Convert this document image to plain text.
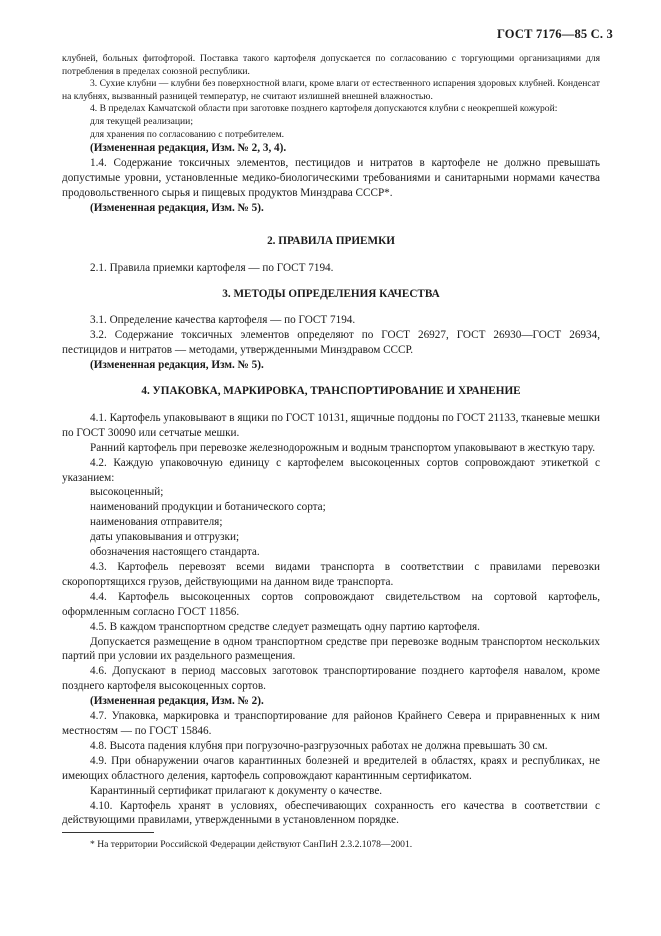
ГОСТ 7176—85 С. 3

клубней, больных фитофторой. Поставка такого картофеля допускается по согласованию с торгующими организациями для потребления в пределах союзной республики.

3. Сухие клубни — клубни без поверхностной влаги, кроме влаги от естественного испарения здоровых клубней. Конденсат на клубнях, вызванный разницей температур, не считают излишней внешней влажностью.

4. В пределах Камчатской области при заготовке позднего картофеля допускаются клубни с неокрепшей кожурой:

для текущей реализации;
для хранения по согласованию с потребителем.

(Измененная редакция, Изм. № 2, 3, 4).

1.4. Содержание токсичных элементов, пестицидов и нитратов в картофеле не должно превышать допустимые уровни, установленные медико-биологическими требованиями и санитарными нормами качества продовольственного сырья и пищевых продуктов Минздрава СССР*.

(Измененная редакция, Изм. № 5).

2. ПРАВИЛА ПРИЕМКИ

2.1. Правила приемки картофеля — по ГОСТ 7194.

3. МЕТОДЫ ОПРЕДЕЛЕНИЯ КАЧЕСТВА

3.1. Определение качества картофеля — по ГОСТ 7194.

3.2. Содержание токсичных элементов определяют по ГОСТ 26927, ГОСТ 26930—ГОСТ 26934, пестицидов и нитратов — методами, утвержденными Минздравом СССР.

(Измененная редакция, Изм. № 5).

4. УПАКОВКА, МАРКИРОВКА, ТРАНСПОРТИРОВАНИЕ И ХРАНЕНИЕ

4.1. Картофель упаковывают в ящики по ГОСТ 10131, ящичные поддоны по ГОСТ 21133, тканевые мешки по ГОСТ 30090 или сетчатые мешки.

Ранний картофель при перевозке железнодорожным и водным транспортом упаковывают в жесткую тару.

4.2. Каждую упаковочную единицу с картофелем высокоценных сортов сопровождают этикеткой с указанием:

высокоценный;
наименований продукции и ботанического сорта;
наименования отправителя;
даты упаковывания и отгрузки;
обозначения настоящего стандарта.

4.3. Картофель перевозят всеми видами транспорта в соответствии с правилами перевозки скоропортящихся грузов, действующими на данном виде транспорта.

4.4. Картофель высокоценных сортов сопровождают свидетельством на сортовой картофель, оформленным согласно ГОСТ 11856.

4.5. В каждом транспортном средстве следует размещать одну партию картофеля.

Допускается размещение в одном транспортном средстве при перевозке водным транспортом нескольких партий при условии их раздельного размещения.

4.6. Допускают в период массовых заготовок транспортирование позднего картофеля навалом, кроме позднего картофеля высокоценных сортов.

(Измененная редакция, Изм. № 2).

4.7. Упаковка, маркировка и транспортирование для районов Крайнего Севера и приравненных к ним местностям — по ГОСТ 15846.

4.8. Высота падения клубня при погрузочно-разгрузочных работах не должна превышать 30 см.

4.9. При обнаружении очагов карантинных болезней и вредителей в областях, краях и республиках, не имеющих областного деления, картофель сопровождают карантинным сертификатом.

Карантинный сертификат прилагают к документу о качестве.

4.10. Картофель хранят в условиях, обеспечивающих сохранность его качества в соответствии с действующими правилами, утвержденными в установленном порядке.

* На территории Российской Федерации действуют СанПиН 2.3.2.1078—2001.
